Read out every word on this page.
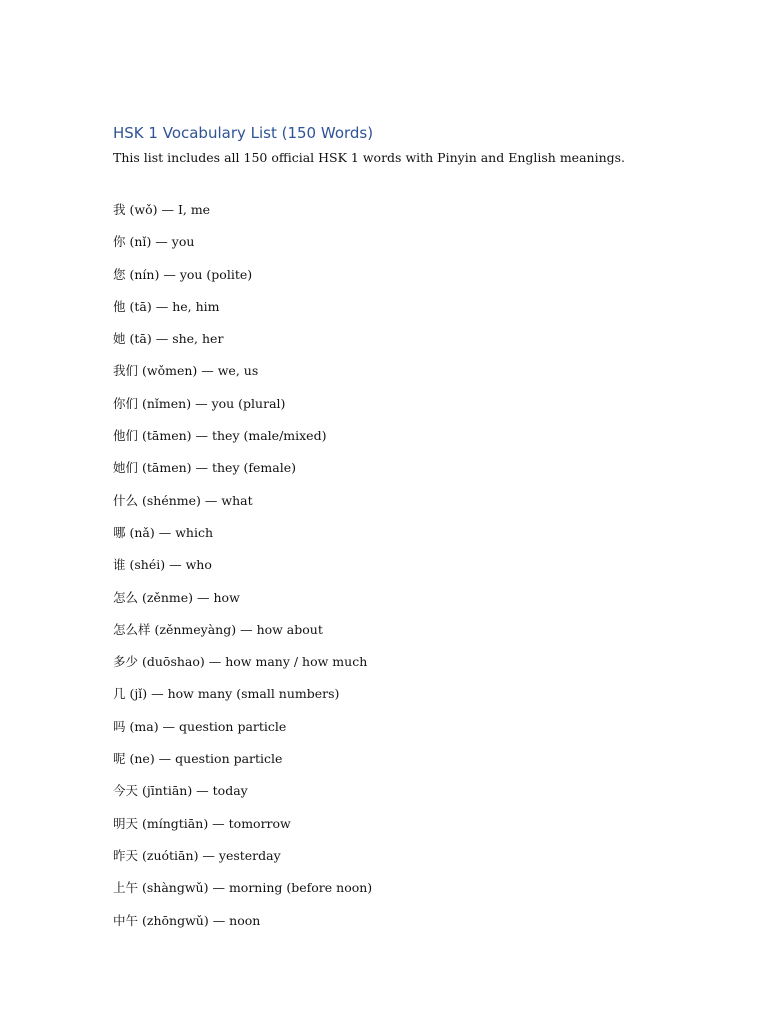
HSK 1 Vocabulary List (150 Words)

This list includes all 150 official HSK 1 words with Pinyin and English meanings.

我 (wǒ) — I, me
你 (nǐ) — you
您 (nín) — you (polite)
他 (tā) — he, him
她 (tā) — she, her
我们 (wǒmen) — we, us
你们 (nǐmen) — you (plural)
他们 (tāmen) — they (male/mixed)
她们 (tāmen) — they (female)
什么 (shénme) — what
哪 (nǎ) — which
谁 (shéi) — who
怎么 (zěnme) — how
怎么样 (zěnmeyàng) — how about
多少 (duōshao) — how many / how much
几 (jǐ) — how many (small numbers)
吗 (ma) — question particle
呢 (ne) — question particle
今天 (jīntiān) — today
明天 (míngtiān) — tomorrow
昨天 (zuótiān) — yesterday
上午 (shàngwǔ) — morning (before noon)
中午 (zhōngwǔ) — noon
